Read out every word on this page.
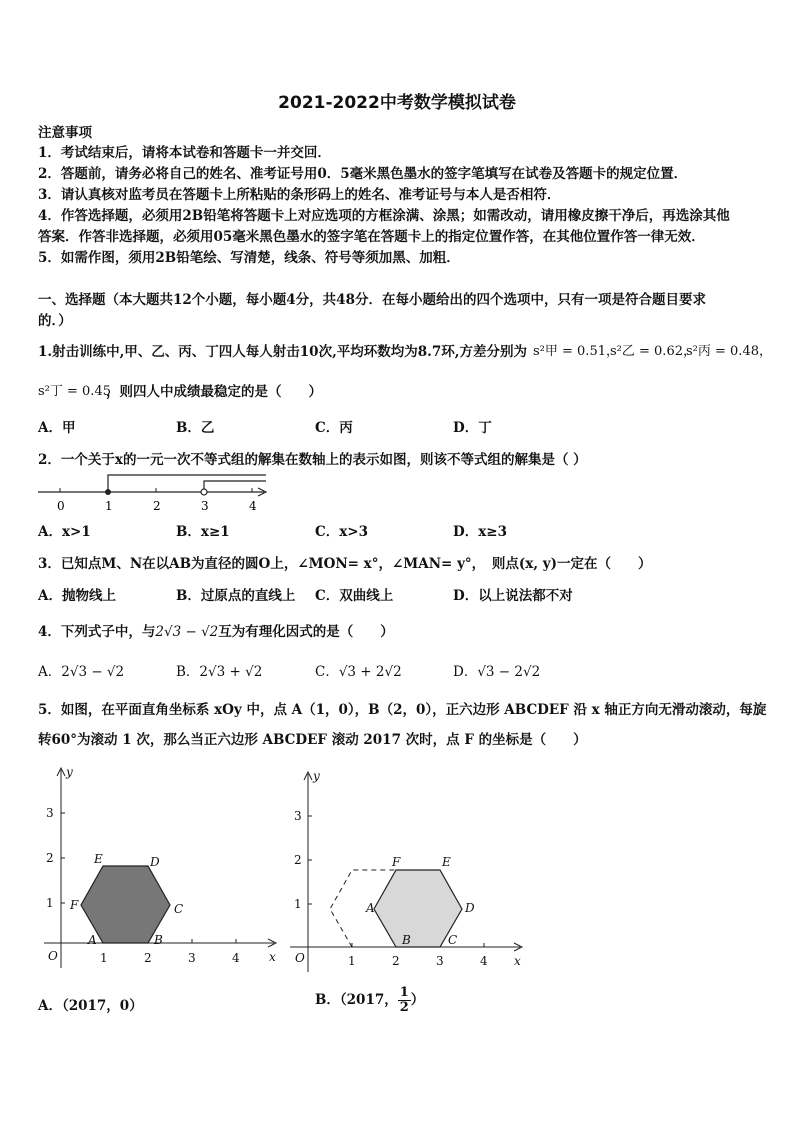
2021-2022中考数学模拟试卷
注意事项
1．考试结束后，请将本试卷和答题卡一并交回．
2．答题前，请务必将自己的姓名、准考证号用0．5毫米黑色墨水的签字笔填写在试卷及答题卡的规定位置．
3．请认真核对监考员在答题卡上所粘贴的条形码上的姓名、准考证号与本人是否相符．
4．作答选择题，必须用2B铅笔将答题卡上对应选项的方框涂满、涂黑；如需改动，请用橡皮擦干净后，再选涂其他
答案．作答非选择题，必须用05毫米黑色墨水的签字笔在答题卡上的指定位置作答，在其他位置作答一律无效．
5．如需作图，须用2B铅笔绘、写清楚，线条、符号等须加黑、加粗．
一、选择题（本大题共12个小题，每小题4分，共48分．在每小题给出的四个选项中，只有一项是符合题目要求
的．）
1.射击训练中,甲、乙、丙、丁四人每人射击10次,平均环数均为8.7环,方差分别为 s²甲 = 0.51，
s²乙 = 0.62，
s²丙 = 0.48，
s²丁 = 0.45
，则四人中成绩最稳定的是（　　）
A．甲	B．乙	C．丙	D．丁
2．一个关于x的一元一次不等式组的解集在数轴上的表示如图，则该不等式组的解集是（ ）
0	1	2	3	4
A．x>1	B．x≥1	C．x>3	D．x≥3
3．已知点M、N在以AB为直径的圆O上，∠MON= x°，∠MAN= y°，　则点(x, y)一定在（　　）
A．抛物线上	B．过原点的直线上 C．双曲线上	D．以上说法都不对
4．下列式子中，与2√3 − √2互为有理化因式的是（　　）
A．2√3 − √2	B．2√3 + √2	C．√3 + 2√2	D．√3 − 2√2
5．如图，在平面直角坐标系 xOy 中，点 A（1，0），B（2，0），正六边形 ABCDEF 沿 x 轴正方向无滑动滚动，每旋
转60°为滚动 1 次，那么当正六边形 ABCDEF 滚动 2017 次时，点 F 的坐标是（　　）
x
y
O
A	B
C
D
E
F
1	2	3	4
1
2
3
x
y
O
A
B	C
D
E
F
1	2	3	4
1
2
3
A．（2017，0）	B．（2017， $\frac{1}{2}$ ）
